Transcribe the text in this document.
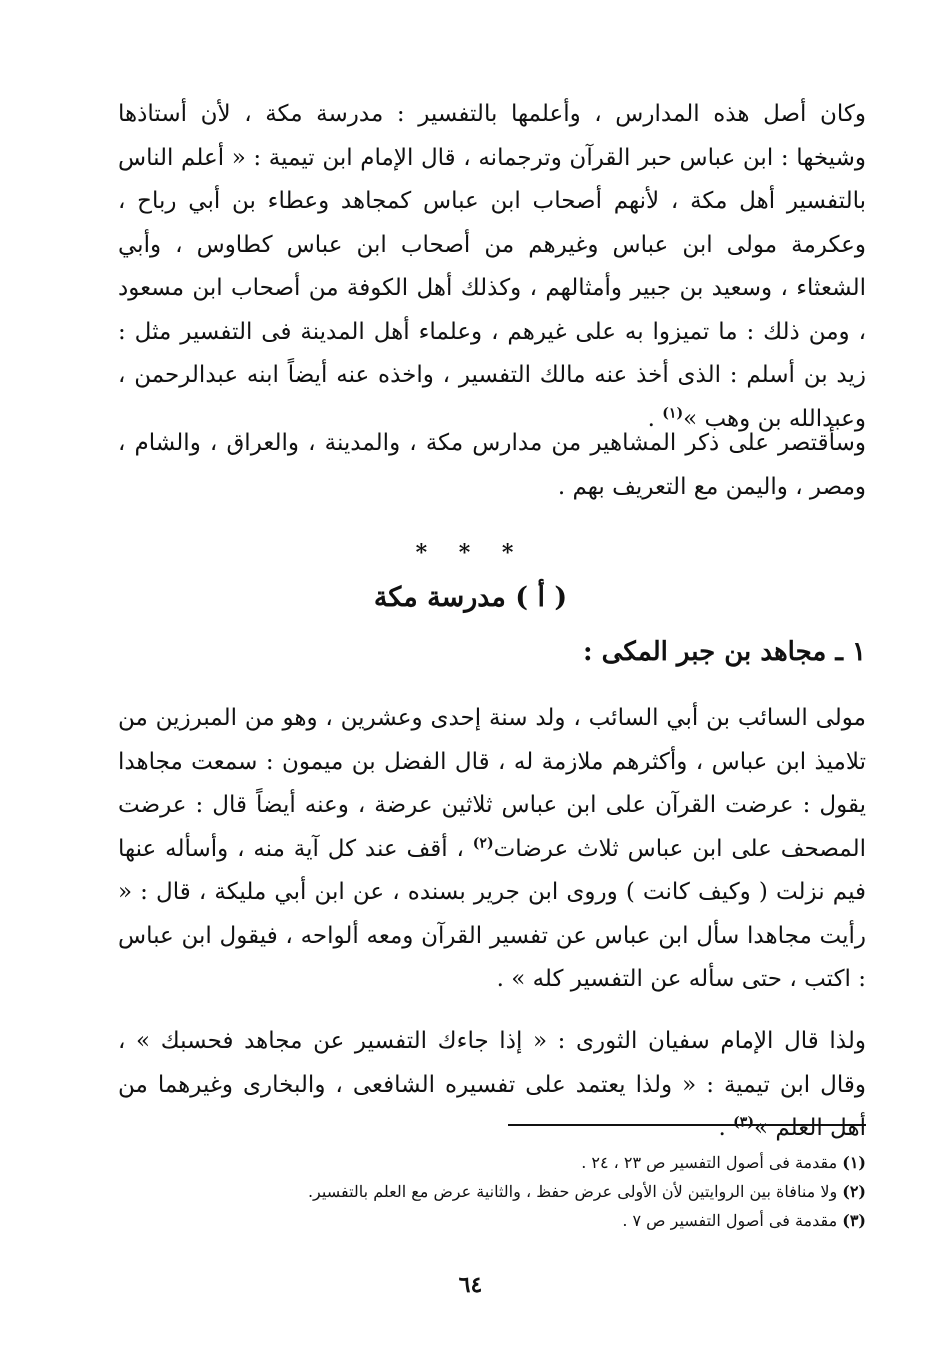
وكان أصل هذه المدارس ، وأعلمها بالتفسير : مدرسة مكة ، لأن أستاذها وشيخها : ابن عباس حبر القرآن وترجمانه ، قال الإمام ابن تيمية : « أعلم الناس بالتفسير أهل مكة ، لأنهم أصحاب ابن عباس كمجاهد وعطاء بن أبي رباح ، وعكرمة مولى ابن عباس وغيرهم من أصحاب ابن عباس كطاوس ، وأبي الشعثاء ، وسعيد بن جبير وأمثالهم ، وكذلك أهل الكوفة من أصحاب ابن مسعود ، ومن ذلك : ما تميزوا به على غيرهم ، وعلماء أهل المدينة فى التفسير مثل : زيد بن أسلم : الذى أخذ عنه مالك التفسير ، واخذه عنه أيضاً ابنه عبدالرحمن ، وعبدالله بن وهب »$^{(١)}$ .

وسأقتصر على ذكر المشاهير من مدارس مكة ، والمدينة ، والعراق ، والشام ، ومصر ، واليمن مع التعريف بهم .

* * *
( أ ) مدرسة مكة
١ ـ مجاهد بن جبر المكى :

مولى السائب بن أبي السائب ، ولد سنة إحدى وعشرين ، وهو من المبرزين من تلاميذ ابن عباس ، وأكثرهم ملازمة له ، قال الفضل بن ميمون : سمعت مجاهدا يقول : عرضت القرآن على ابن عباس ثلاثين عرضة ، وعنه أيضاً قال : عرضت المصحف على ابن عباس ثلاث عرضات$^{(٢)}$ ، أقف عند كل آية منه ، وأسأله عنها فيم نزلت ( وكيف كانت ) وروى ابن جرير بسنده ، عن ابن أبي مليكة ، قال : « رأيت مجاهدا سأل ابن عباس عن تفسير القرآن ومعه ألواحه ، فيقول ابن عباس : اكتب ، حتى سأله عن التفسير كله » .

ولذا قال الإمام سفيان الثورى : « إذا جاءك التفسير عن مجاهد فحسبك » ، وقال ابن تيمية : « ولذا يعتمد على تفسيره الشافعى ، والبخارى وغيرهما من أهل العلم »$^{(٣)}$ .

(١) مقدمة فى أصول التفسير ص ٢٣ ، ٢٤ .
(٢) ولا منافاة بين الروايتين لأن الأولى عرض حفظ ، والثانية عرض مع العلم بالتفسير.
(٣) مقدمة فى أصول التفسير ص ٧ .
٦٤
